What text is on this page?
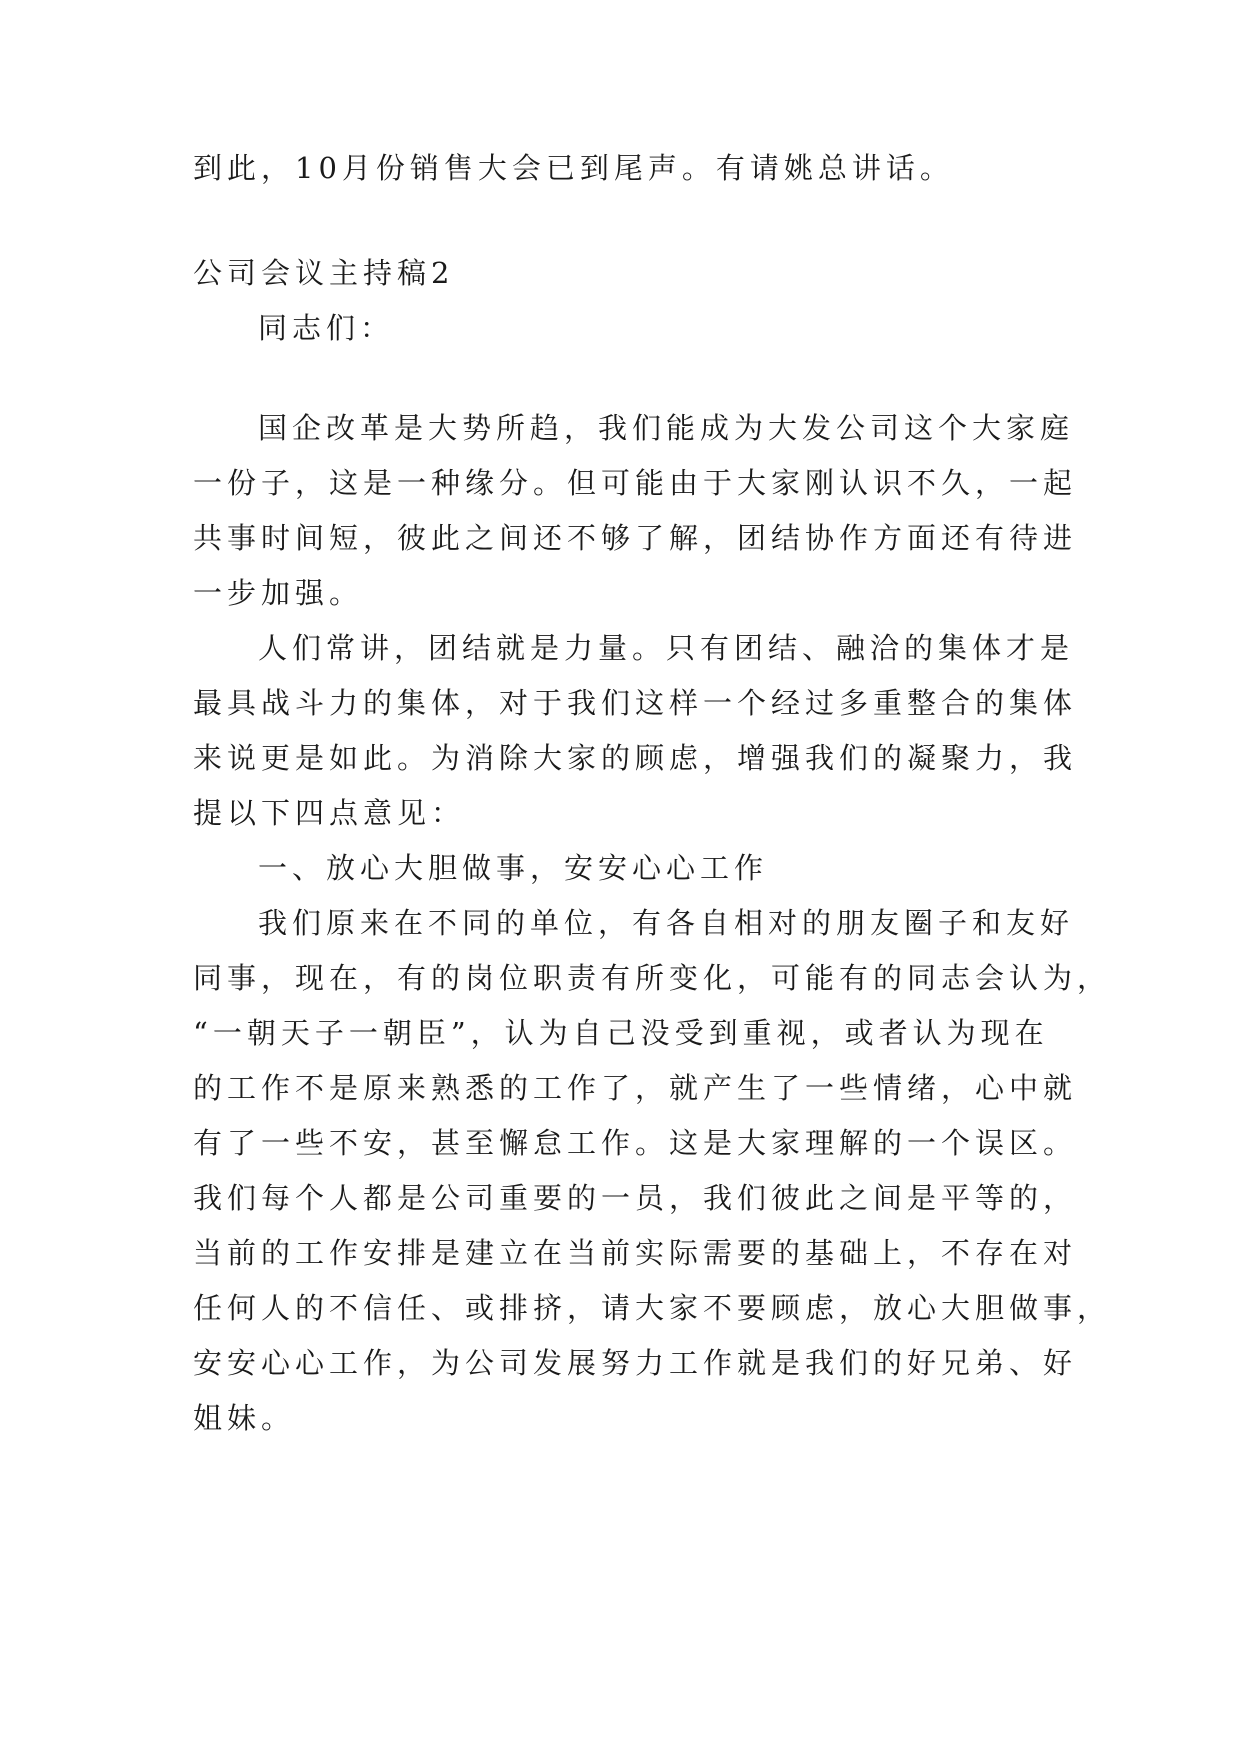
到此，10月份销售大会已到尾声。有请姚总讲话。
公司会议主持稿2
同志们：
国企改革是大势所趋，我们能成为大发公司这个大家庭
一份子，这是一种缘分。但可能由于大家刚认识不久，一起
共事时间短，彼此之间还不够了解，团结协作方面还有待进
一步加强。
人们常讲，团结就是力量。只有团结、融洽的集体才是
最具战斗力的集体，对于我们这样一个经过多重整合的集体
来说更是如此。为消除大家的顾虑，增强我们的凝聚力，我
提以下四点意见：
一、放心大胆做事，安安心心工作
我们原来在不同的单位，有各自相对的朋友圈子和友好
同事，现在，有的岗位职责有所变化，可能有的同志会认为，
“一朝天子一朝臣”，认为自己没受到重视，或者认为现在
的工作不是原来熟悉的工作了，就产生了一些情绪，心中就
有了一些不安，甚至懈怠工作。这是大家理解的一个误区。
我们每个人都是公司重要的一员，我们彼此之间是平等的，
当前的工作安排是建立在当前实际需要的基础上，不存在对
任何人的不信任、或排挤，请大家不要顾虑，放心大胆做事，
安安心心工作，为公司发展努力工作就是我们的好兄弟、好
姐妹。
